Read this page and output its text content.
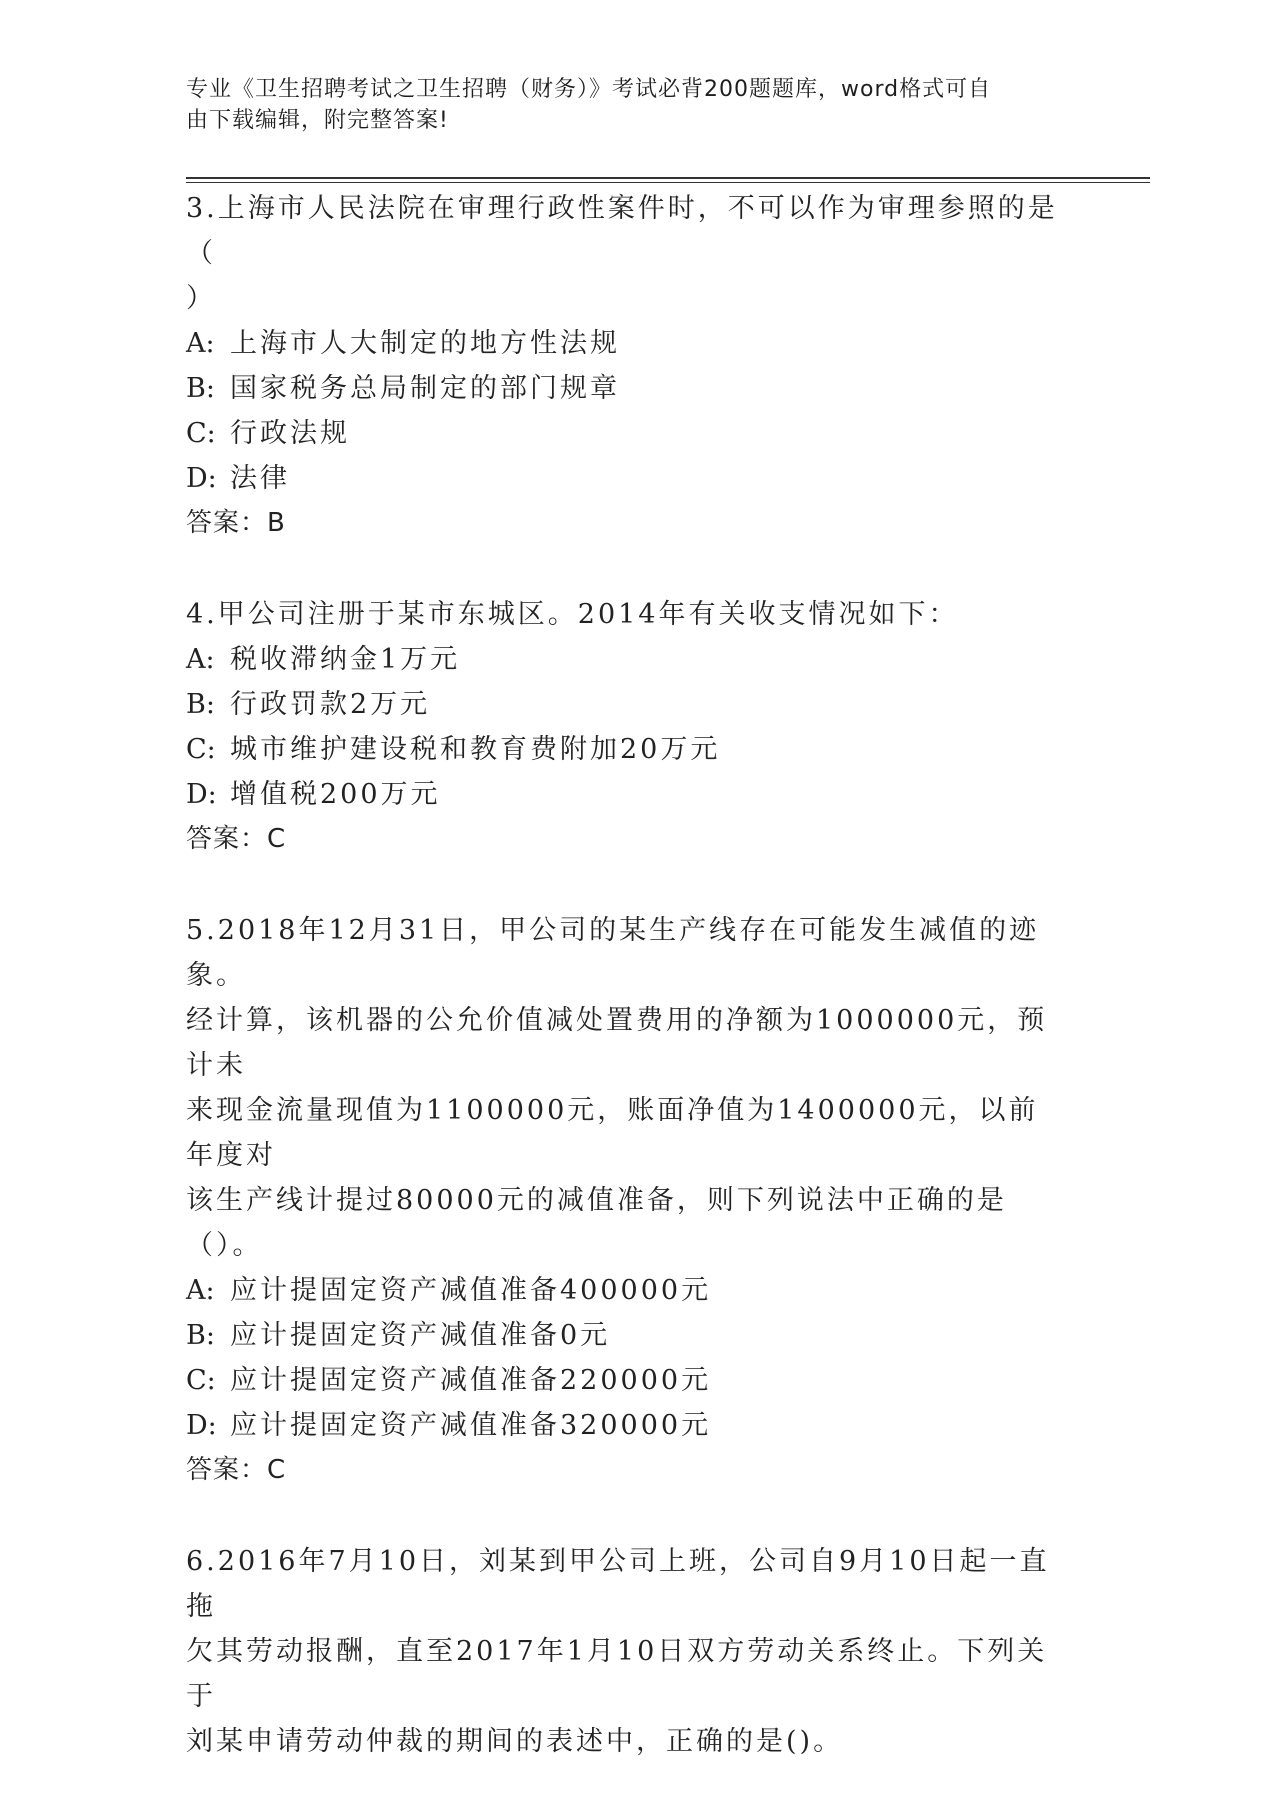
专业《卫生招聘考试之卫生招聘（财务）》考试必背200题题库，word格式可自

由下载编辑，附完整答案!

3.上海市人民法院在审理行政性案件时，不可以作为审理参照的是（

）

A: 上海市人大制定的地方性法规
B: 国家税务总局制定的部门规章
C: 行政法规
D: 法律

答案：B

4.甲公司注册于某市东城区。2014年有关收支情况如下：

A: 税收滞纳金1万元
B: 行政罚款2万元
C: 城市维护建设税和教育费附加20万元
D: 增值税200万元

答案：C

5.2018年12月31日，甲公司的某生产线存在可能发生减值的迹象。

经计算，该机器的公允价值减处置费用的净额为1000000元，预计未

来现金流量现值为1100000元，账面净值为1400000元，以前年度对

该生产线计提过80000元的减值准备，则下列说法中正确的是（）。

A: 应计提固定资产减值准备400000元
B: 应计提固定资产减值准备0元
C: 应计提固定资产减值准备220000元
D: 应计提固定资产减值准备320000元

答案：C

6.2016年7月10日，刘某到甲公司上班，公司自9月10日起一直拖

欠其劳动报酬，直至2017年1月10日双方劳动关系终止。下列关于

刘某申请劳动仲裁的期间的表述中，正确的是()。
